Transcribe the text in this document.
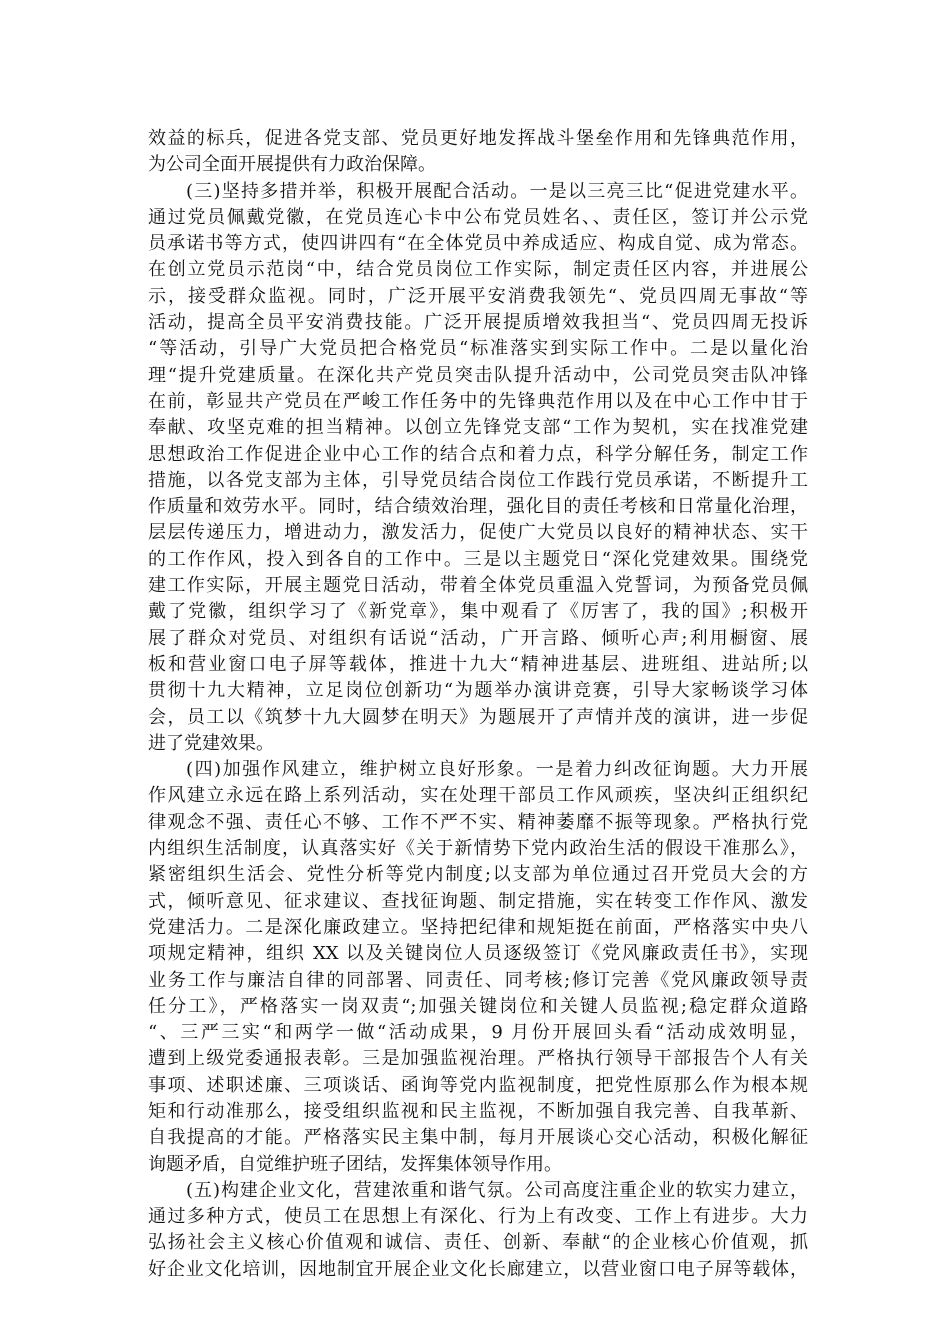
效益的标兵，促进各党支部、党员更好地发挥战斗堡垒作用和先锋典范作用，
为公司全面开展提供有力政治保障。
(三)坚持多措并举，积极开展配合活动。一是以三亮三比“促进党建水平。
通过党员佩戴党徽，在党员连心卡中公布党员姓名、、责任区，签订并公示党
员承诺书等方式，使四讲四有“在全体党员中养成适应、构成自觉、成为常态。
在创立党员示范岗“中，结合党员岗位工作实际，制定责任区内容，并进展公
示，接受群众监视。同时，广泛开展平安消费我领先“、党员四周无事故“等
活动，提高全员平安消费技能。广泛开展提质增效我担当“、党员四周无投诉
“等活动，引导广大党员把合格党员“标准落实到实际工作中。二是以量化治
理“提升党建质量。在深化共产党员突击队提升活动中，公司党员突击队冲锋
在前，彰显共产党员在严峻工作任务中的先锋典范作用以及在中心工作中甘于
奉献、攻坚克难的担当精神。以创立先锋党支部“工作为契机，实在找准党建
思想政治工作促进企业中心工作的结合点和着力点，科学分解任务，制定工作
措施，以各党支部为主体，引导党员结合岗位工作践行党员承诺，不断提升工
作质量和效劳水平。同时，结合绩效治理，强化目的责任考核和日常量化治理，
层层传递压力，增进动力，激发活力，促使广大党员以良好的精神状态、实干
的工作作风，投入到各自的工作中。三是以主题党日“深化党建效果。围绕党
建工作实际，开展主题党日活动，带着全体党员重温入党誓词，为预备党员佩
戴了党徽，组织学习了《新党章》，集中观看了《厉害了，我的国》;积极开
展了群众对党员、对组织有话说“活动，广开言路、倾听心声;利用橱窗、展
板和营业窗口电子屏等载体，推进十九大“精神进基层、进班组、进站所;以
贯彻十九大精神，立足岗位创新功“为题举办演讲竞赛，引导大家畅谈学习体
会，员工以《筑梦十九大圆梦在明天》为题展开了声情并茂的演讲，进一步促
进了党建效果。
(四)加强作风建立，维护树立良好形象。一是着力纠改征询题。大力开展
作风建立永远在路上系列活动，实在处理干部员工作风顽疾，坚决纠正组织纪
律观念不强、责任心不够、工作不严不实、精神萎靡不振等现象。严格执行党
内组织生活制度，认真落实好《关于新情势下党内政治生活的假设干准那么》，
紧密组织生活会、党性分析等党内制度;以支部为单位通过召开党员大会的方
式，倾听意见、征求建议、查找征询题、制定措施，实在转变工作作风、激发
党建活力。二是深化廉政建立。坚持把纪律和规矩挺在前面，严格落实中央八
项规定精神，组织 XX 以及关键岗位人员逐级签订《党风廉政责任书》，实现
业务工作与廉洁自律的同部署、同责任、同考核;修订完善《党风廉政领导责
任分工》，严格落实一岗双责“;加强关键岗位和关键人员监视;稳定群众道路
“、三严三实“和两学一做“活动成果，9 月份开展回头看“活动成效明显，
遭到上级党委通报表彰。三是加强监视治理。严格执行领导干部报告个人有关
事项、述职述廉、三项谈话、函询等党内监视制度，把党性原那么作为根本规
矩和行动准那么，接受组织监视和民主监视，不断加强自我完善、自我革新、
自我提高的才能。严格落实民主集中制，每月开展谈心交心活动，积极化解征
询题矛盾，自觉维护班子团结，发挥集体领导作用。
(五)构建企业文化，营建浓重和谐气氛。公司高度注重企业的软实力建立，
通过多种方式，使员工在思想上有深化、行为上有改变、工作上有进步。大力
弘扬社会主义核心价值观和诚信、责任、创新、奉献“的企业核心价值观，抓
好企业文化培训，因地制宜开展企业文化长廊建立，以营业窗口电子屏等载体，
